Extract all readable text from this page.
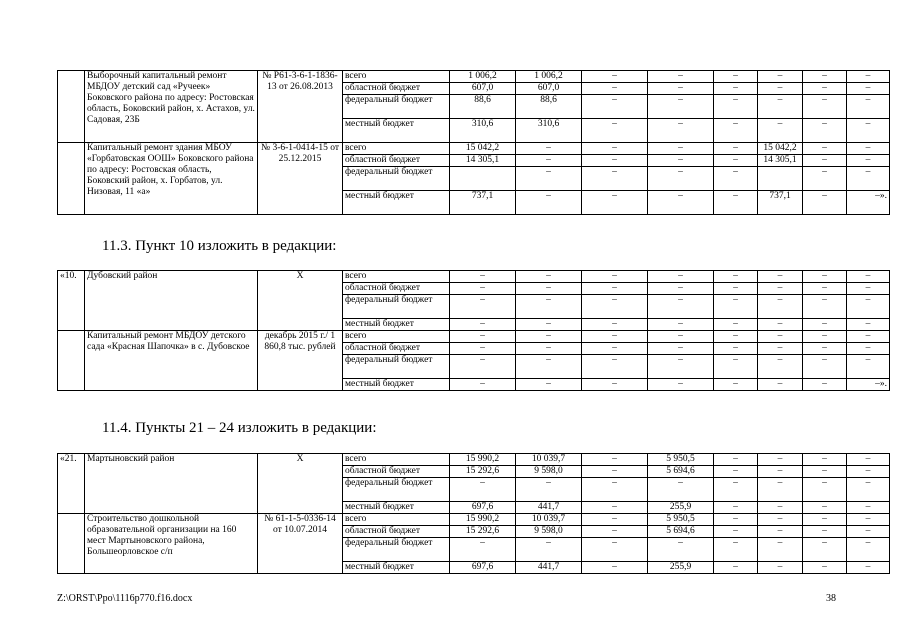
	Выборочный капитальный ремонт МБДОУ детский сад «Ручеек» Боковского района по адресу: Ростовская область, Боковский район, х. Астахов, ул. Садовая, 23Б	№ Р61-3-6-1-1836-13 от 26.08.2013	всего	1 006,2	1 006,2	–	–	–	–	–	–
			областной бюджет	607,0	607,0	–	–	–	–	–	–
			федеральный бюджет	88,6	88,6	–	–	–	–	–	–
			местный бюджет	310,6	310,6	–	–	–	–	–	–
	Капитальный ремонт здания МБОУ «Горбатовская ООШ» Боковского района по адресу: Ростовская область, Боковский район, х. Горбатов, ул. Низовая, 11 «а»	№ 3-6-1-0414-15 от 25.12.2015	всего	15 042,2	–	–	–	–	15 042,2	–	–
			областной бюджет	14 305,1	–	–	–	–	14 305,1	–	–
			федеральный бюджет		–	–	–	–		–	–
			местный бюджет	737,1	–	–	–	–	737,1	–	–».
«10.	Дубовский район	Х	всего	–	–	–	–	–	–	–	–
			областной бюджет	–	–	–	–	–	–	–	–
			федеральный бюджет	–	–	–	–	–	–	–	–
			местный бюджет	–	–	–	–	–	–	–	–
	Капитальный ремонт МБДОУ детского сада «Красная Шапочка» в с. Дубовское	декабрь 2015 г./ 1 860,8 тыс. рублей	всего	–	–	–	–	–	–	–	–
			областной бюджет	–	–	–	–	–	–	–	–
			федеральный бюджет	–	–	–	–	–	–	–	–
			местный бюджет	–	–	–	–	–	–	–	–».
«21.	Мартыновский район	Х	всего	15 990,2	10 039,7	–	5 950,5	–	–	–	–
			областной бюджет	15 292,6	9 598,0	–	5 694,6	–	–	–	–
			федеральный бюджет	–	–	–	–	–	–	–	–
			местный бюджет	697,6	441,7	–	255,9	–	–	–	–
	Строительство дошкольной образовательной организации на 160 мест Мартыновского района, Большеорловское с/п	№ 61-1-5-0336-14 от 10.07.2014	всего	15 990,2	10 039,7	–	5 950,5	–	–	–	–
			областной бюджет	15 292,6	9 598,0	–	5 694,6	–	–	–	–
			федеральный бюджет	–	–	–	–	–	–	–	–
			местный бюджет	697,6	441,7	–	255,9	–	–	–	–
11.3. Пункт 10 изложить в редакции:
11.4. Пункты 21 – 24 изложить в редакции:
Z:\ORST\Ppo\1116p770.f16.docx	38
